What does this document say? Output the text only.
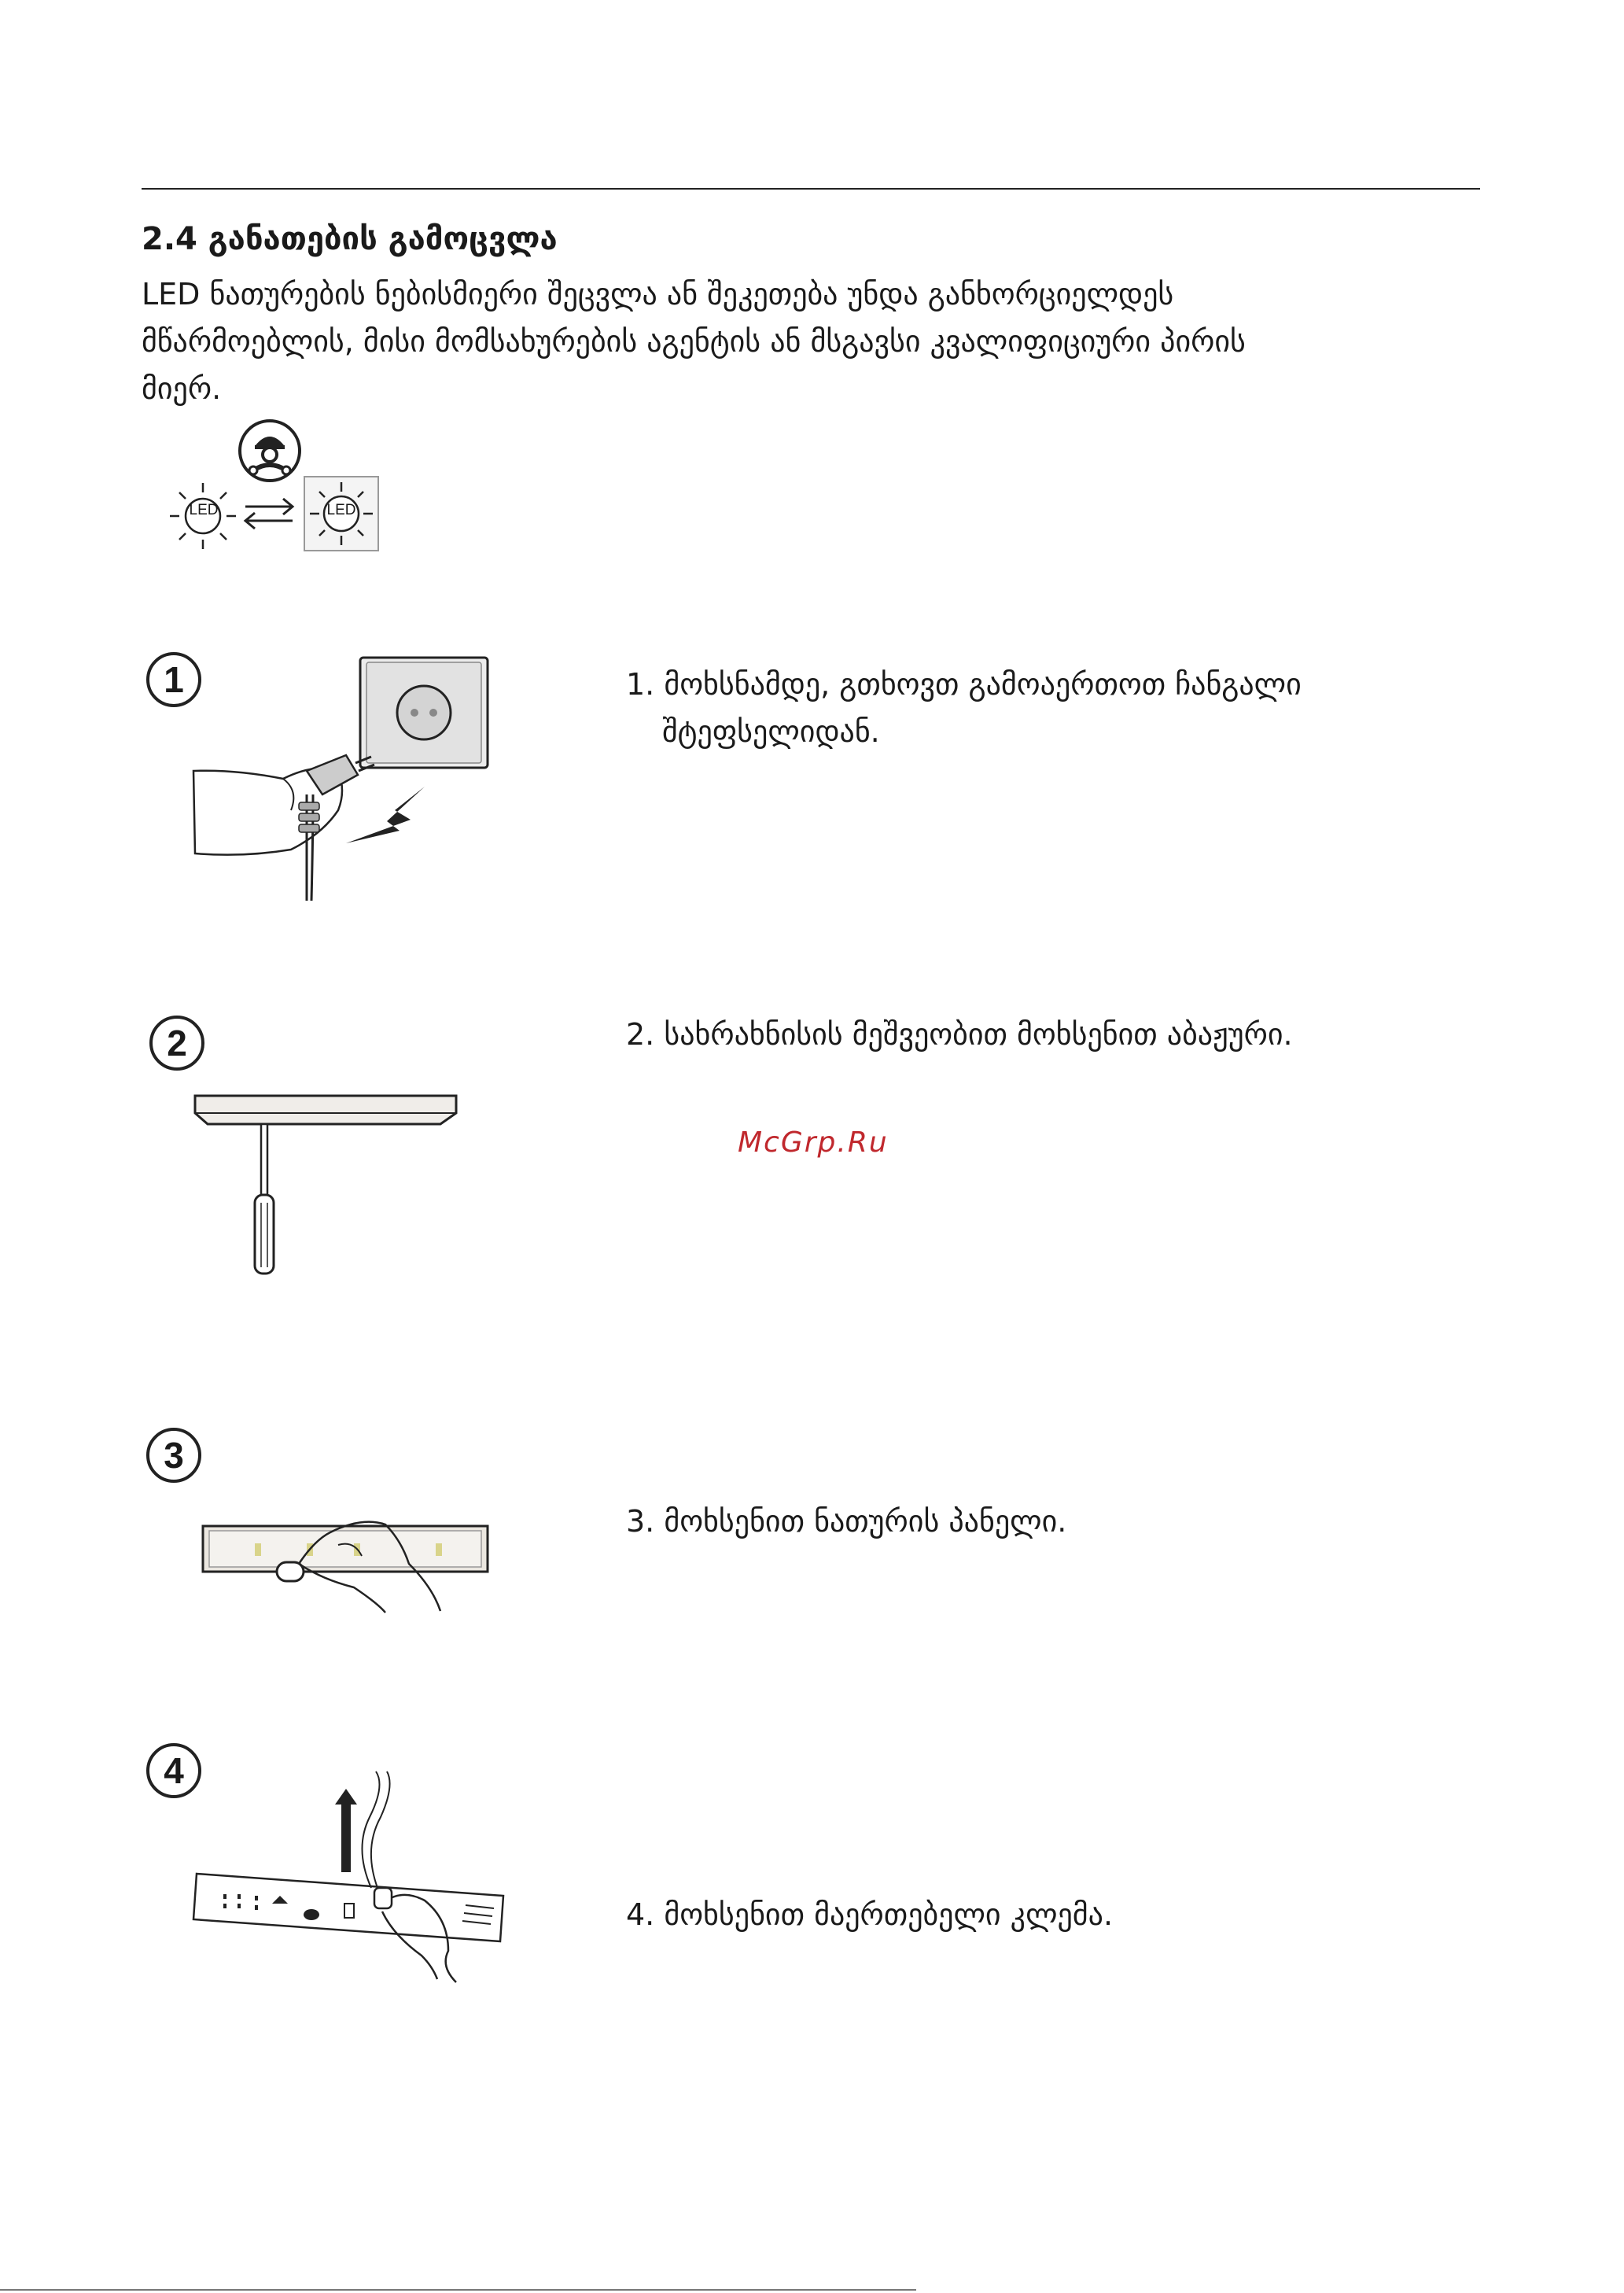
2.4 განათების გამოცვლა
LED ნათურების ნებისმიერი შეცვლა ან შეკეთება უნდა განხორციელდეს
მწარმოებლის, მისი მომსახურების აგენტის ან მსგავსი კვალიფიციური პირის
მიერ.
LED	LED
1	1. მოხსნამდე, გთხოვთ გამოაერთოთ ჩანგალი
შტეფსელიდან.
2	2. სახრახნისის მეშვეობით მოხსენით აბაჟური.
3
3. მოხსენით ნათურის პანელი.
4
4. მოხსენით მაერთებელი კლემა.
McGrp.Ru
